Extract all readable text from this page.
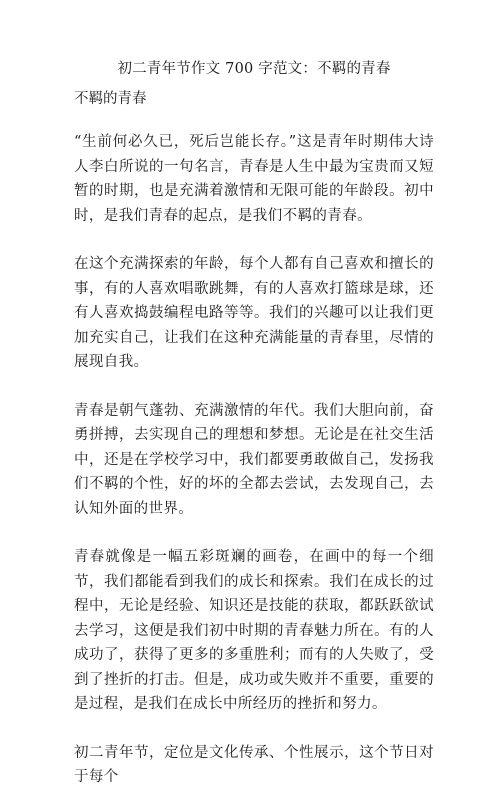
初二青年节作文 700 字范文：不羁的青春
不羁的青春
“生前何必久已，死后岂能长存。”这是青年时期伟大诗人李白所说的一句名言，青春是人生中最为宝贵而又短暂的时期，也是充满着激情和无限可能的年龄段。初中时，是我们青春的起点，是我们不羁的青春。
在这个充满探索的年龄，每个人都有自己喜欢和擅长的事，有的人喜欢唱歌跳舞，有的人喜欢打篮球是球，还有人喜欢捣鼓编程电路等等。我们的兴趣可以让我们更加充实自己，让我们在这种充满能量的青春里，尽情的展现自我。
青春是朝气蓬勃、充满激情的年代。我们大胆向前，奋勇拼搏，去实现自己的理想和梦想。无论是在社交生活中，还是在学校学习中，我们都要勇敢做自己，发扬我们不羁的个性，好的坏的全都去尝试，去发现自己，去认知外面的世界。
青春就像是一幅五彩斑斓的画卷，在画中的每一个细节，我们都能看到我们的成长和探索。我们在成长的过程中，无论是经验、知识还是技能的获取，都跃跃欲试去学习，这便是我们初中时期的青春魅力所在。有的人成功了，获得了更多的多重胜利；而有的人失败了，受到了挫折的打击。但是，成功或失败并不重要，重要的是过程，是我们在成长中所经历的挫折和努力。
初二青年节，定位是文化传承、个性展示，这个节日对于每个
